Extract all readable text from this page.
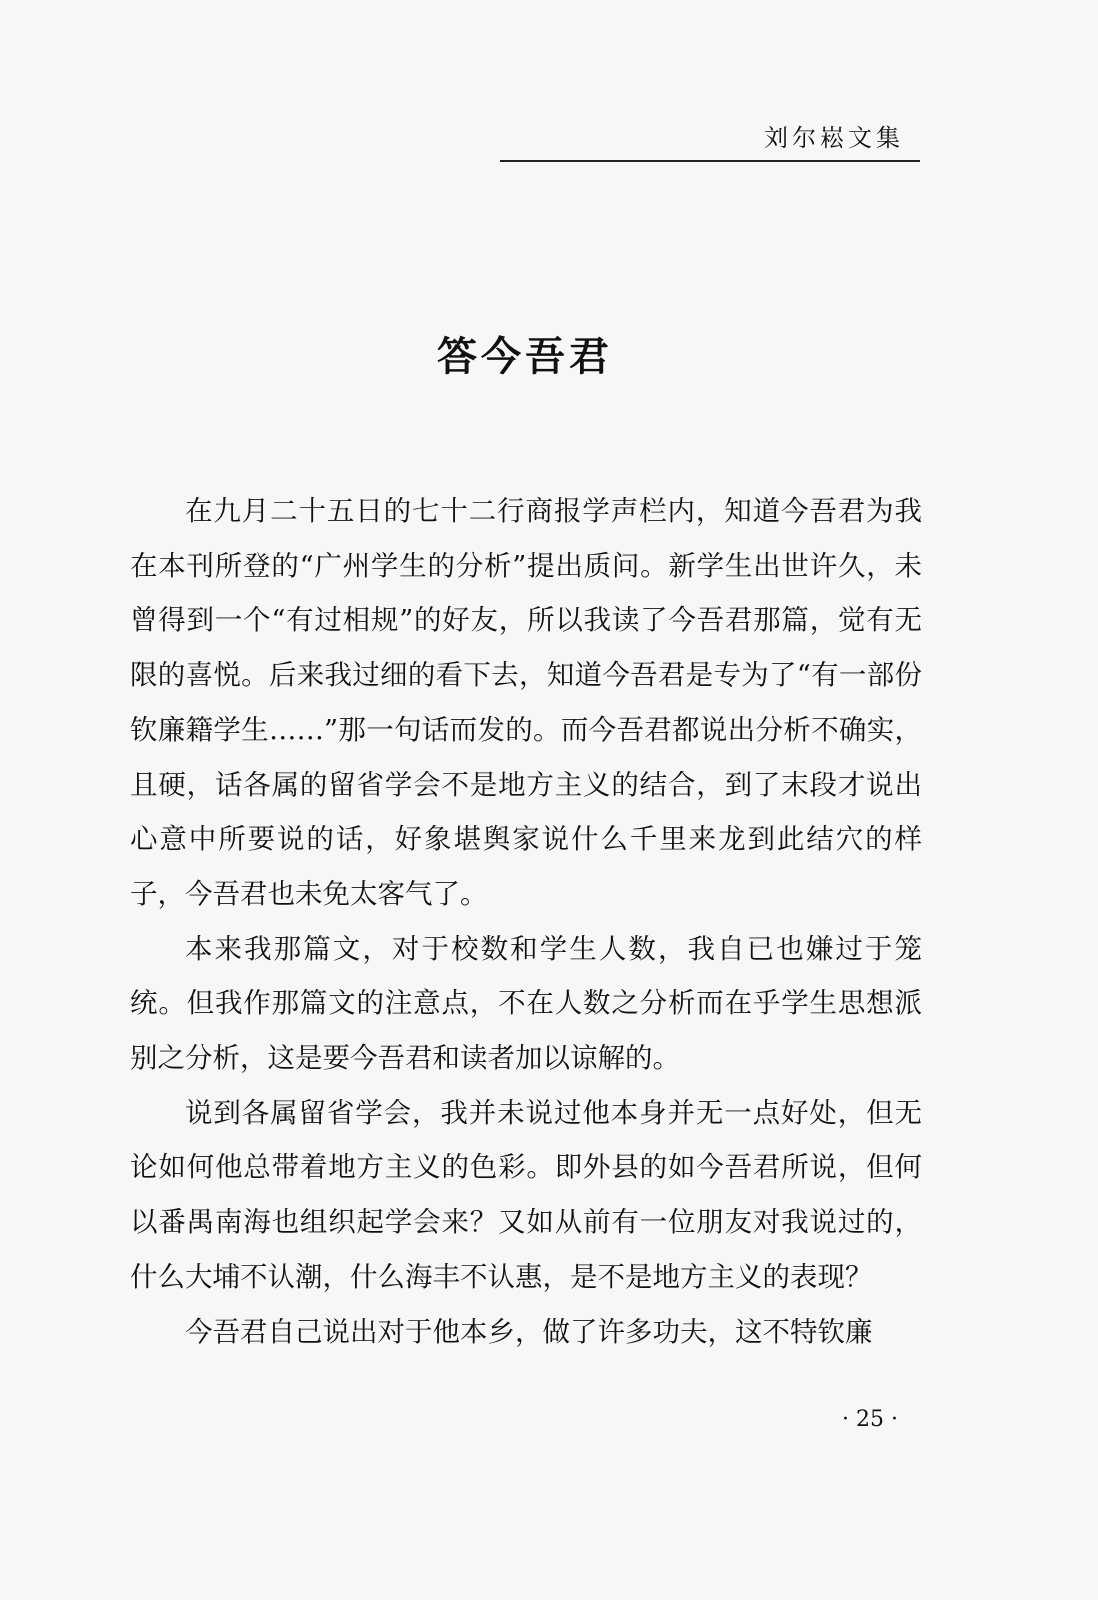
刘尔崧文集
答今吾君

在九月二十五日的七十二行商报学声栏内，知道今吾君为我在本刊所登的“广州学生的分析”提出质问。新学生出世许久，未曾得到一个“有过相规”的好友，所以我读了今吾君那篇，觉有无限的喜悦。后来我过细的看下去，知道今吾君是专为了“有一部份钦廉籍学生……”那一句话而发的。而今吾君都说出分析不确实，且硬，话各属的留省学会不是地方主义的结合，到了末段才说出心意中所要说的话，好象堪舆家说什么千里来龙到此结穴的样子，今吾君也未免太客气了。

本来我那篇文，对于校数和学生人数，我自已也嫌过于笼统。但我作那篇文的注意点，不在人数之分析而在乎学生思想派别之分析，这是要今吾君和读者加以谅解的。

说到各属留省学会，我并未说过他本身并无一点好处，但无论如何他总带着地方主义的色彩。即外县的如今吾君所说，但何以番禺南海也组织起学会来？又如从前有一位朋友对我说过的，什么大埔不认潮，什么海丰不认惠，是不是地方主义的表现？

今吾君自己说出对于他本乡，做了许多功夫，这不特钦廉

· 25 ·
